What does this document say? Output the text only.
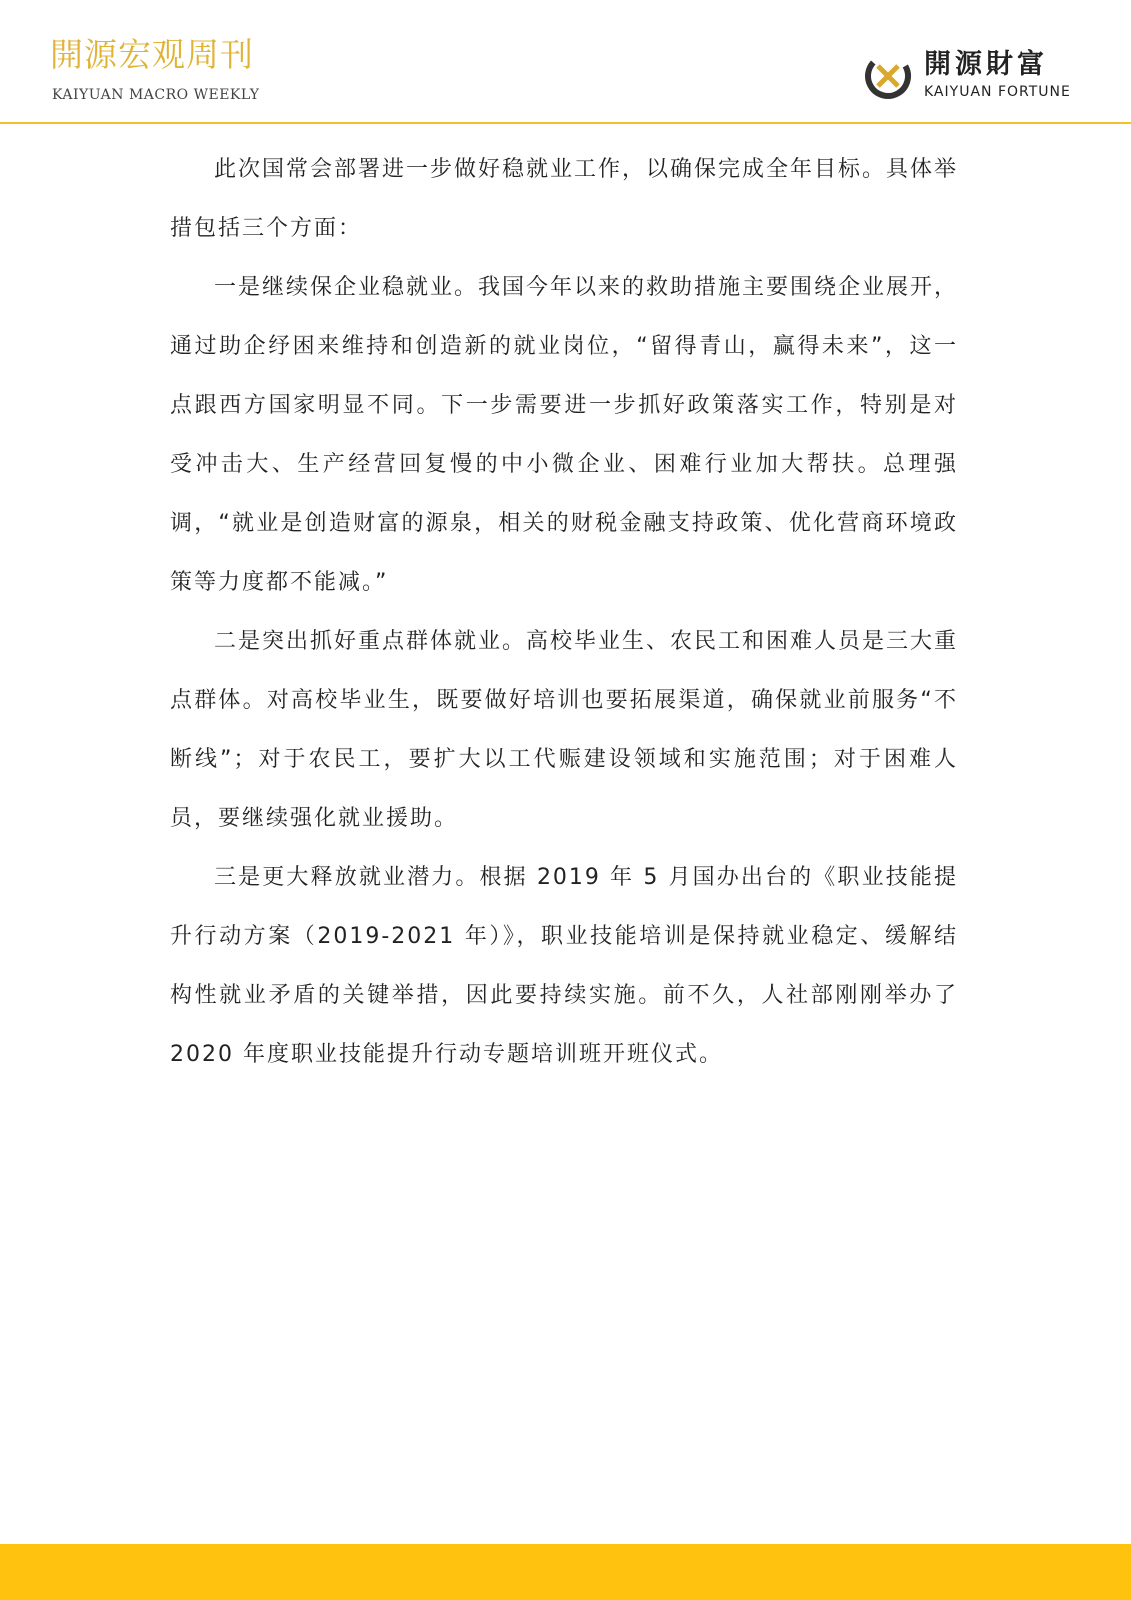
開源宏观周刊
KAIYUAN MACRO WEEKLY
開源財富
KAIYUAN FORTUNE

此次国常会部署进一步做好稳就业工作，以确保完成全年目标。具体举措包括三个方面：

一是继续保企业稳就业。我国今年以来的救助措施主要围绕企业展开，通过助企纾困来维持和创造新的就业岗位，“留得青山，赢得未来”，这一点跟西方国家明显不同。下一步需要进一步抓好政策落实工作，特别是对受冲击大、生产经营回复慢的中小微企业、困难行业加大帮扶。总理强调，“就业是创造财富的源泉，相关的财税金融支持政策、优化营商环境政策等力度都不能减。”

二是突出抓好重点群体就业。高校毕业生、农民工和困难人员是三大重点群体。对高校毕业生，既要做好培训也要拓展渠道，确保就业前服务“不断线”；对于农民工，要扩大以工代赈建设领域和实施范围；对于困难人员，要继续强化就业援助。

三是更大释放就业潜力。根据 2019 年 5 月国办出台的《职业技能提升行动方案（2019-2021 年）》，职业技能培训是保持就业稳定、缓解结构性就业矛盾的关键举措，因此要持续实施。前不久，人社部刚刚举办了 2020 年度职业技能提升行动专题培训班开班仪式。
